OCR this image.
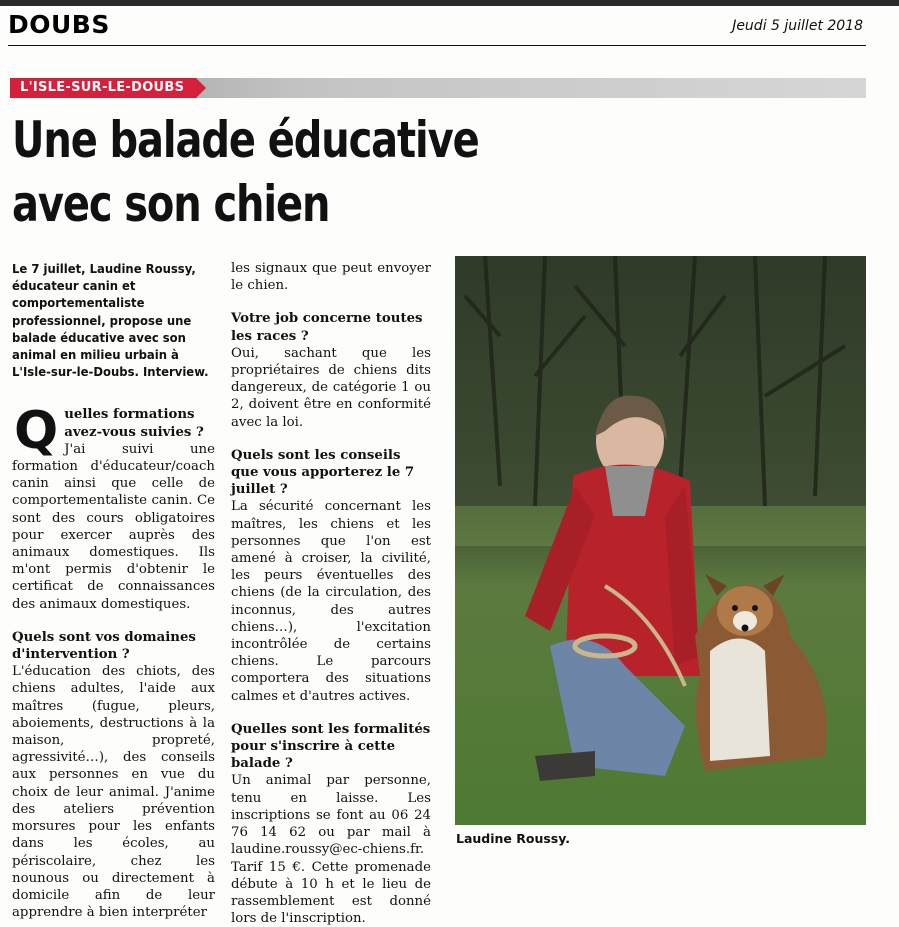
DOUBS	Jeudi 5 juillet 2018
L'ISLE-SUR-LE-DOUBS
Une balade éducative
avec son chien

Le 7 juillet, Laudine Roussy, éducateur canin et comportementaliste professionnel, propose une balade éducative avec son animal en milieu urbain à L'Isle-sur-le-Doubs. Interview.

Q uelles formations avez-vous suivies ?

J'ai suivi une formation d'éducateur/coach canin ainsi que celle de comportementaliste canin. Ce sont des cours obligatoires pour exercer auprès des animaux domestiques. Ils m'ont permis d'obtenir le certificat de connaissances des animaux domestiques.

Quels sont vos domaines d'intervention ?

L'éducation des chiots, des chiens adultes, l'aide aux maîtres (fugue, pleurs, aboiements, destructions à la maison, propreté, agressivité…), des conseils aux personnes en vue du choix de leur animal. J'anime des ateliers prévention morsures pour les enfants dans les écoles, au périscolaire, chez les nounous ou directement à domicile afin de leur apprendre à bien interpréter

les signaux que peut envoyer le chien.

Votre job concerne toutes les races ?

Oui, sachant que les propriétaires de chiens dits dangereux, de catégorie 1 ou 2, doivent être en conformité avec la loi.

Quels sont les conseils que vous apporterez le 7 juillet ?

La sécurité concernant les maîtres, les chiens et les personnes que l'on est amené à croiser, la civilité, les peurs éventuelles des chiens (de la circulation, des inconnus, des autres chiens…), l'excitation incontrôlée de certains chiens. Le parcours comportera des situations calmes et d'autres actives.

Quelles sont les formalités pour s'inscrire à cette balade ?

Un animal par personne, tenu en laisse. Les inscriptions se font au 06 24 76 14 62 ou par mail à laudine.roussy@ec-chiens.fr. Tarif 15 €. Cette promenade débute à 10 h et le lieu de rassemblement est donné lors de l'inscription.

Laudine Roussy.
